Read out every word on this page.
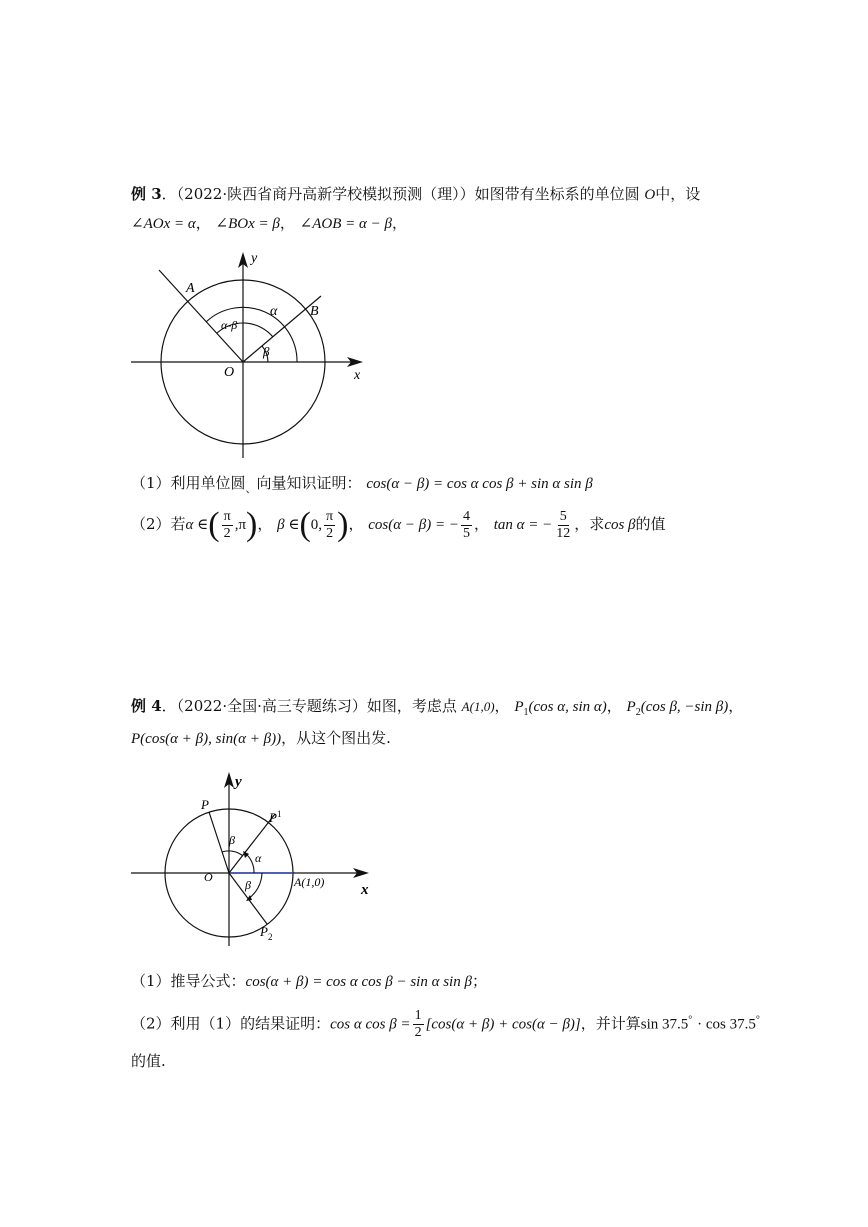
例 3．（2022·陕西省商丹高新学校模拟预测（理））如图带有坐标系的单位圆 O中，设
∠AOx = α， ∠BOx = β， ∠AOB = α − β，
y
x
O
A
B
α
α-β
β
（1）利用单位圆$_、$向量知识证明： cos(α − β) = cos α cos β + sin α sin β
（2）若α ∈( $\frac{\pi}{2} ,\pi$)， β ∈(0, $\frac{\pi}{2}$ )， cos(α − β) = − $\frac{4}{5}$ ， tan α = − $\frac{5}{12}$ ，求cos β的值
例 4．（2022·全国·高三专题练习）如图，考虑点 A(1,0)， $P_1(\cos$ α, sin α)， $P_2(\cos$ β, −sin β)，
P(cos(α + β), sin(α + β))，从这个图出发.
y
x
O
P
$P^1$
$P_2$
A(1,0)
α
β
β
（1）推导公式：cos(α + β) = cos α cos β − sin α sin β；
（2）利用（1）的结果证明：cos α $\cos \beta = \frac{1}{2} [\cos(\alpha + \beta) + \cos(\alpha - \beta)]$，并计算sin 37.5° · cos 37.5°
的值.
